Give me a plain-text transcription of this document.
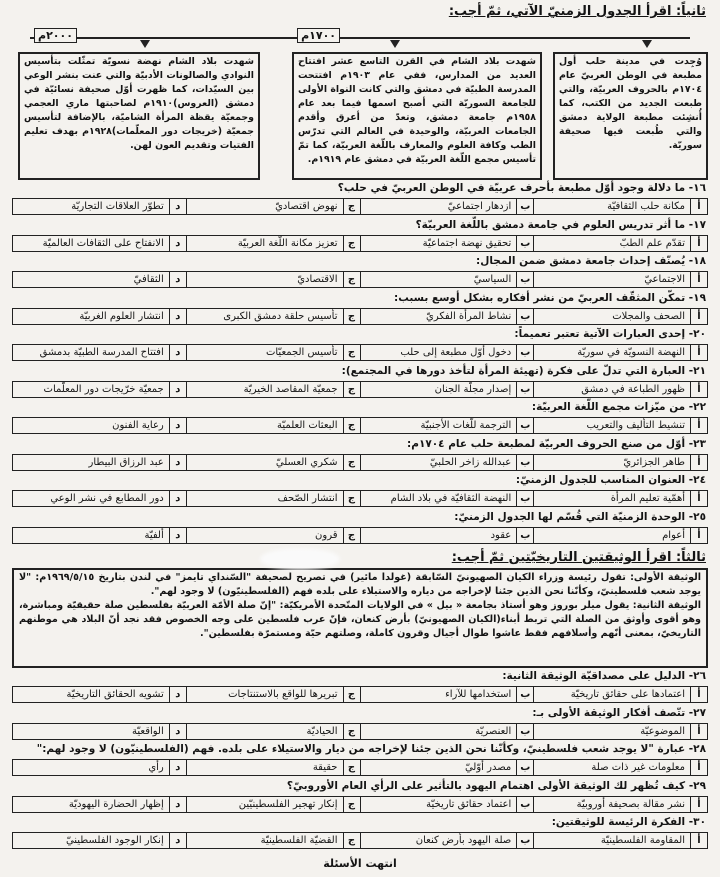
ثانياً: اقرأ الجدول الزمنيّ الآتي، ثمّ أجب:
١٧٠٠م
٢٠٠٠م
وُجِدت في مدينة حلب أول مطبعة في الوطن العربيّ عام ١٧٠٤م بالحروف العربيّة، والتي طبعت الجديد من الكتب، كما أُنشِئت مطبعة الولاية دمشق والتي طُبعت فيها صحيفة سوريّة.
شهدت بلاد الشام في القرن التاسع عشر افتتاح العديد من المدارس، ففي عام ١٩٠٣م افتتحت المدرسة الطبيّة في دمشق والتي كانت النواة الأولى للجامعة السوريّة التي أصبح اسمها فيما بعد عام ١٩٥٨م جامعة دمشق، وتعدّ من أعرق وأقدم الجامعات العربيّة، والوحيدة في العالم التي تدرّس الطب وكافة العلوم والمعارف باللّغة العربيّة، كما تمّ تأسيس مجمع اللّغة العربيّة في دمشق عام ١٩١٩م.
شهدت بلاد الشام نهضة نسويّة تمثّلت بتأسيس النوادي والصالونات الأدبيّة والتي عنت بنشر الوعي بين السيّدات، كما ظهرت أوّل صحيفة نسائيّة في دمشق (العروس)١٩١٠م لصاحبتها ماري العجمي وجمعيّة يقظة المرأة الشاميّة، بالإضافة لتأسيس جمعيّة (خريجات دور المعلّمات)١٩٢٨م بهدف تعليم الفتيات وتقديم العون لهن.
١٦- ما دلالة وجود أوّل مطبعة بأحرف عربيّة في الوطن العربيّ في حلب؟
أ
مكانة حلب الثقافيّة
ب
ازدهار اجتماعيّ
ج
نهوض اقتصاديّ
د
تطوّر العلاقات التجاريّة
١٧- ما أثر تدريس العلوم في جامعة دمشق باللّغة العربيّة؟
أ
تقدّم علم الطبّ
ب
تحقيق نهضة اجتماعيّة
ج
تعزيز مكانة اللّغة العربيّة
د
الانفتاح على الثقافات العالميّة
١٨- يُصنّف إحداث جامعة دمشق ضمن المجال:
أ
الاجتماعيّ
ب
السياسيّ
ج
الاقتصاديّ
د
الثقافيّ
١٩- تمكّن المثقّف العربيّ من نشر أفكاره بشكل أوسع بسبب:
أ
الصحف والمجلات
ب
نشاط المرأة الفكريّ
ج
تأسيس حلقة دمشق الكبرى
د
انتشار العلوم الغربيّة
٢٠- إحدى العبارات الآتية تعتبر تعميماً:
أ
النهضة النسويّة في سوريّة
ب
دخول أوّل مطبعة إلى حلب
ج
تأسيس الجمعيّات
د
افتتاح المدرسة الطبيّة بدمشق
٢١- العبارة التي تدلّ على فكرة (تهيئة المرأة لتأخذ دورها في المجتمع):
أ
ظهور الطباعة في دمشق
ب
إصدار مجلّة الجنان
ج
جمعيّة المقاصد الخيريّة
د
جمعيّة خرّيجات دور المعلّمات
٢٢- من ميّزات مجمع اللّغة العربيّة:
أ
تنشيط التأليف والتعريب
ب
الترجمة للّغات الأجنبيّة
ج
البعثات العلميّة
د
رعاية الفنون
٢٣- أوّل من صنع الحروف العربيّة لمطبعة حلب عام ١٧٠٤م:
أ
طاهر الجزائريّ
ب
عبدالله زاخر الحلبيّ
ج
شكري العسليّ
د
عبد الرزاق البيطار
٢٤- العنوان المناسب للجدول الزمنيّ:
أ
أهمّية تعليم المرأة
ب
النهضة الثقافيّة في بلاد الشام
ج
انتشار الصّحف
د
دور المطابع في نشر الوعي
٢٥- الوحدة الزمنيّة التي قُسّم لها الجدول الزمنيّ:
أ
أعوام
ب
عقود
ج
قرون
د
ألفيّة
ثالثاً: اقرأ الوثيقتين التاريخيّتين ثمّ أجب:
الوثيقة الأولى: تقول رئيسة وزراء الكيان الصهيونيّ السّابقة (غولدا مائير) في تصريح لصحيفة "السّنداي تايمز" في لندن بتاريخ ١٩٦٩/٥/١٥م: "لا يوجد شعب فلسطينيّ، وكأنّنا نحن الذين جئنا لإخراجه من دياره والاستيلاء على بلده فهم (الفلسطينيّون) لا وجود لهم".
الوثيقة الثانية: يقول ميلر بوروز وهو أستاذ بجامعة « بيل » في الولايات المتّحدة الأمريكيّة: "إنّ صلة الأمّة العربيّة بفلسطين صلة حقيقيّة ومباشرة، وهو أقوى وأوثق من الصلة التي تربط أبناء(الكيان الصهيونيّ) بأرض كنعان، فإنّ عرب فلسطين على وجه الخصوص فقد نجد أنّ البلاد هي موطنهم التاريخيّ، بمعنى أنّهم وأسلافهم فقط عاشوا طوال أجيال وقرون كاملة، وصلتهم حيّة ومستمرّة بفلسطين".
٢٦- الدليل على مصداقيّة الوثيقة الثانية:
أ
اعتمادها على حقائق تاريخيّة
ب
استخدامها للآراء
ج
تبريرها للواقع بالاستنتاجات
د
تشويه الحقائق التاريخيّة
٢٧- تتّصف أفكار الوثيقة الأولى بـ:
أ
الموضوعيّة
ب
العنصريّة
ج
الحياديّة
د
الواقعيّة
٢٨- عبارة "لا يوجد شعب فلسطينيّ، وكأنّنا نحن الذين جئنا لإخراجه من ديار والاستيلاء على بلده. فهم (الفلسطينيّون) لا وجود لهم:"
أ
معلومات غير ذات صلة
ب
مصدر أوّليّ
ج
حقيقة
د
رأي
٢٩- كيف تُظهر لك الوثيقة الأولى اهتمام اليهود بالتأثير على الرأي العام الأوروبيّ؟
أ
نشر مقالة بصحيفة أوروبيّة
ب
اعتماد حقائق تاريخيّة
ج
إنكار تهجير الفلسطينيّين
د
إظهار الحضارة اليهوديّة
٣٠- الفكرة الرئيسة للوثيقتين:
أ
المقاومة الفلسطينيّة
ب
صلة اليهود بأرض كنعان
ج
القضيّة الفلسطينيّة
د
إنكار الوجود الفلسطينيّ
انتهت الأسئلة
